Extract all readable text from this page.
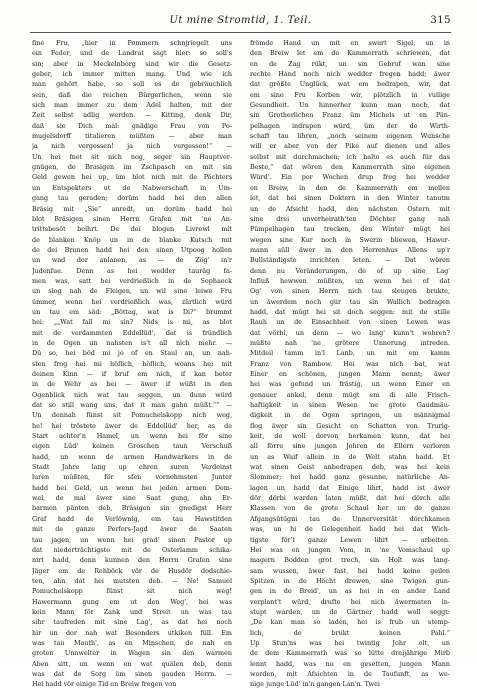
Ut mine Stromtid, 1. Teil.	315
fine Fru, „hier in Pommern schnjriegelt uns
ein Feder, und de Landrat sagt hier: so soll's
sin; aber in Meckelnborg sind wir die Gesetz-
geber, ich immer mitten mang. Und wie ich
man gehört habe, so soll es de gebräuchlich
sein, daß die reichen Bürgerlichen, wenn sie
sich man immer zu dem Adel halten, mit der
Zeit selbst adlig werden. — Kitting, denk Dir,
daß sie Dich mal: gnädige Frau von Po-
mugelsdorff titulieren müßten — aber man
ja nich vergessen! ja nich vergessen!“ —
Un hei fnet sit nich nog, seger sin Hauptver-
gnügen, de Brasigen im Zschpasch en mit sin
Geld gewen hei up, üm blot nich mit de Pächters
un Entspekters ut de Nabwerschaft in Um-
gang tau geraden; dorüm hadd hei den allen
Bräsig mit „Sie“ anredt, un dorüm hadd hei
blot Bräsigen sinen Herrn Grafen mit 'ne An-
trittsbesöt beihrt. De dei blogen Livrewl mit
de blanken Knöp un in de blanke Kutsch mit
de dei Brunen hadd hei den sinen Utpoog hollen
un wad dor anlanen, as — de Zög' in'r
Judenfue. Denn as hei wedder tauräg fa-
men was, satt hei verdrießlich in de Sophaeck
un slog nah de Fleigen, un wil sine leiwe Fru
ümmer, wenn hei verdrießlich was, zärtlich würd
un tau em säd: „Böttag, wat is Di?“ brummt
hei: „„Wat fall mi sin? Nids is mi, as blot
mit de verdammten Eddellüd', dat is fründlich
in de Ogen un nahsten is't all nich mehr. —
Dü so, hei böd mi jo of en Staul an, un nah-
sten frog hei mi höflich, höflich, woans hei mit
deinen Kinn — if bruf em nich, if kan beter
in de Wehr as hei — äwer if wüßt in den
Ogenblick nich wat tau seggen, un dunn würd
dat so still wang uns, dat it man gahn müßt.““ —
Un dennah fünst sit Pomuchelskopp nich weg,
he! hei tröstete äwer de Eddellüd' her, as de
Start achter'n Hamel, un wenn hei för sine
eigen Lüd' keinen Groschen taun Verschuß
hadd, un wenn de armen Handwarkers in de
Stadt Jahre lang up ehren suren Verdeinst
luren müßten, för sfen vornehmsten Junter
hadd hei Geld, un wenn hei jeden armen Dem-
wel, de mal äwer sine Saat gung, ahn Er-
barmen pänten deb, Bräsigen sin gnedigst Herr
Graf hadd de Verlöwnig, em tau Hawstitden
mit de ganze Perfors-Jagd äwer de Saaten
tau jagen, un wenn hei grad' sinen Pastor up
dat niederträchtigste mit de Osterlamm schika-
nirt hadd, denn kunnen den Herrn Grafen sine
Jäger em de Rehböck vör de Husdör dodschie-
ten, ahn dat hei mutsten deb. — Ne! Samuel
Pomuchelskopp fünst sit nich weg!
Hawermann gung em ut den Weg', hei was
kein Mann för Zank und Streit un was tau
sihr taufreden mit sine Lag', as dat hei noch
hir un dor nah wat Besonders utkiken füll. Em
was tau Mauth', as en Minschen, de nah en
groten Unnwelter in Wagen sin den warmen
Aben sitt, un wenn en wat quälen deb, denn
was dat de Sorg üm sinen gauden Herrn. —
Hei hadd vör einige Tid en Breiw fregen von
frömde Hand un mit en swart Sigel, un in
den Breiw let em de Kammerrath schriewen, dat
en de Zag rükt, un sin Gebruf wan sine
rechte Hand noch nich wedder fregen hadd; äwer
dat größte Unglück, wat em bedrapen, wir, dat
em sine Fru Korben wir, plötzlich in vullige
Gesundheit. Un hinnerher kunn man noch, dat
sin Grotherlichen Franz üm Michels ut en Pän-
pelhagen indrapen würd, üm der de Wirth-
schaft tau lihren, „noch seinem eigenen Wunsche
will er aber von der Pike auf dienen und alles
selbst mit durchmachen; ich halte es auch für das
Beste,“ dat wören den Kammerrath sine eigenen
Würd'. Ein por Wochen drup freg hei wedder
en Breiw, in den de Kammerrath em mellen
let, dat hei sinen Doktern in den Winter tanutm
un de Afsicht hadd, den nächsten Ostern mit
sine drei unverheirath'ten Döchter gang nah
Pümpelhagen tau trecken, den Winter mügt hei
wegen sine Kur noch in Swerin bliewen, Hawer-
mann süll äwer in den Herrenhus Allens up'r
Bullständigste inrichten leten. — Dat wören
denn nu Veränderungen, de of up sine Lag'
Influß hewwen müßten, un wenn hei of dat
Og' von sinen Herrn nich tau sleugen brukte,
un äwerdem noch gür tau sin Wallich bedragen
hadd, dat mügt hei sit doch seggen: mit de stille
Rauh un de Einsachheit von sinen Lewen was
dat vörbi, un denn — wo lang' kunn't wohren?
müßte nah 'ne grötere Unnerung intreden.
Mitdeil tamm in'l Lanb, un mit em kamm
Franz von Rambow. Hei was nich bat, wat
Einer en schönen, jungen Mann nennt; äwer
hei was gefund un frästig, un wenn Einer en
genauer ankel, denn mügt em di alle Frisch-
haftigkeit in sinen Wesen 'ne grote Gaudmäu-
digkeit in de Ogen springen, un männigmal
flog äwer sin Gesicht en Schatten von Trurig-
keit, de woll dorvon herkamen kunn, dat hei
all förre sine jungen Johren de Ellern verloren
un as Waif allein in de Welt stahn hadd. Et
wat sinen Geist anbedrapen deb, was hei kein
Slommer; hei hadd ganz gesunne, natürliche An-
lagen un hadd dat Einige lihrt, hadd ist äwer
dör dörbi warden laten müßt, dat hei dörch alle
Klassen von de grote Schaul her un de ganze
Afgangsütügni tau de Unnerversität dörchkamen
was, un hi de Gelegenheit hadd hei dat Wich-
tigste för't ganze Lewen lihrt — arbeiten.
Hei was en jungen Vom, in 'ne Vomschaul up
magern Bodden grot trech, sin Holt was lang-
sam wussen, äwer fast, hei hadd keine geilen
Spitzen in de Höcht drewen, sine Twigen gun-
gen in de Breid', un as hei in en ander Land
verplant't würd, drufte hei nich äwermaten in-
stupt warden, un de Gärtner hadd woll seggt:
„De kan man so laden, hei is frub un stemp-
lich, de brukt keinen Pahl.“
Up Stun'ns was hei twintig Johr olt, un
de dem Kammerrath was so lütte dreijährige Mirb
lennt hadd, was nu en gesetten, jungen Mann
worden, mit Afsichten in de Taufunft, as we-
nige junge Lüd' in'n gangen Lan'n. Twei
